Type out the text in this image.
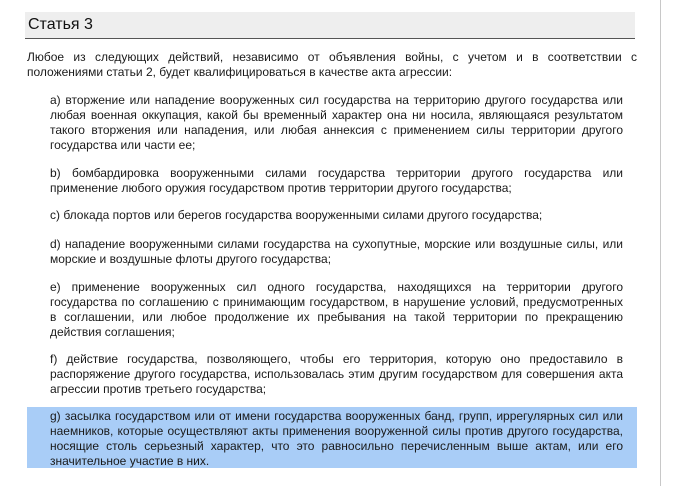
Статья 3
Любое из следующих действий, независимо от объявления войны, с учетом и в соответствии с положениями статьи 2, будет квалифицироваться в качестве акта агрессии:
a) вторжение или нападение вооруженных сил государства на территорию другого государства или любая военная оккупация, какой бы временный характер она ни носила, являющаяся результатом такого вторжения или нападения, или любая аннексия с применением силы территории другого государства или части ее;
b) бомбардировка вооруженными силами государства территории другого государства или применение любого оружия государством против территории другого государства;
c) блокада портов или берегов государства вооруженными силами другого государства;
d) нападение вооруженными силами государства на сухопутные, морские или воздушные силы, или морские и воздушные флоты другого государства;
e) применение вооруженных сил одного государства, находящихся на территории другого государства по соглашению с принимающим государством, в нарушение условий, предусмотренных в соглашении, или любое продолжение их пребывания на такой территории по прекращению действия соглашения;
f) действие государства, позволяющего, чтобы его территория, которую оно предоставило в распоряжение другого государства, использовалась этим другим государством для совершения акта агрессии против третьего государства;
g) засылка государством или от имени государства вооруженных банд, групп, иррегулярных сил или наемников, которые осуществляют акты применения вооруженной силы против другого государства, носящие столь серьезный характер, что это равносильно перечисленным выше актам, или его значительное участие в них.
